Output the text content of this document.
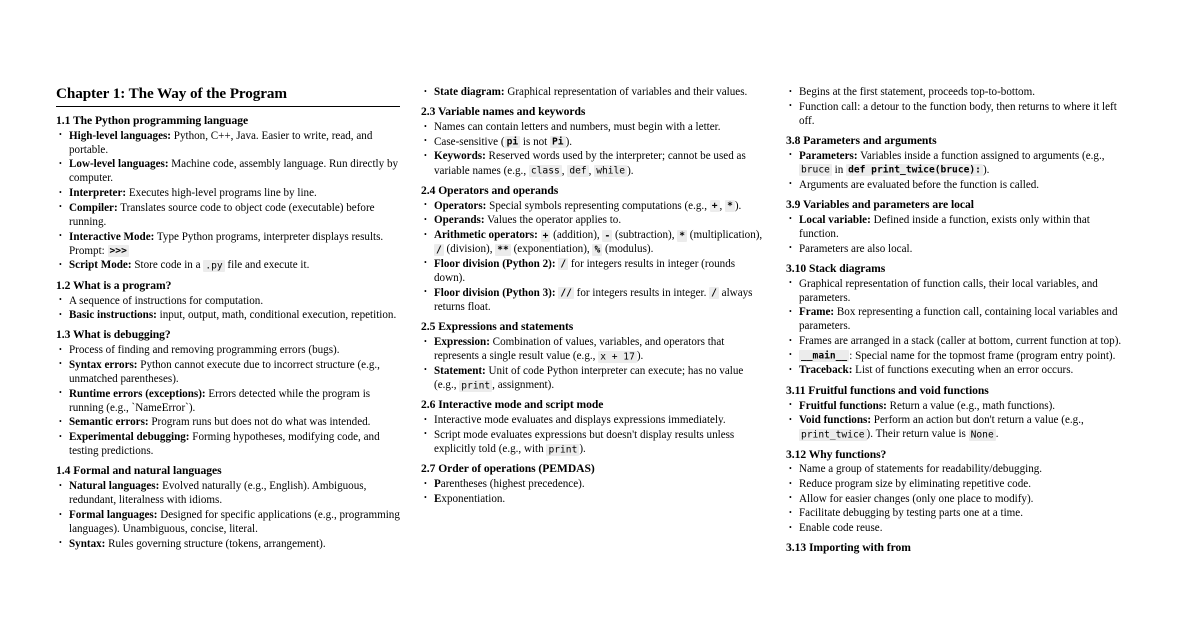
Chapter 1: The Way of the Program
1.1 The Python programming language
• High-level languages: Python, C++, Java. Easier to write, read, and portable.
• Low-level languages: Machine code, assembly language. Run directly by computer.
• Interpreter: Executes high-level programs line by line.
• Compiler: Translates source code to object code (executable) before running.
• Interactive Mode: Type Python programs, interpreter displays results. Prompt: >>>
• Script Mode: Store code in a .py file and execute it.
1.2 What is a program?
• A sequence of instructions for computation.
• Basic instructions: input, output, math, conditional execution, repetition.
1.3 What is debugging?
• Process of finding and removing programming errors (bugs).
• Syntax errors: Python cannot execute due to incorrect structure (e.g., unmatched parentheses).
• Runtime errors (exceptions): Errors detected while the program is running (e.g., `NameError`).
• Semantic errors: Program runs but does not do what was intended.
• Experimental debugging: Forming hypotheses, modifying code, and testing predictions.
1.4 Formal and natural languages
• Natural languages: Evolved naturally (e.g., English). Ambiguous, redundant, literalness with idioms.
• Formal languages: Designed for specific applications (e.g., programming languages). Unambiguous, concise, literal.
• Syntax: Rules governing structure (tokens, arrangement).
• State diagram: Graphical representation of variables and their values.
2.3 Variable names and keywords
• Names can contain letters and numbers, must begin with a letter.
• Case-sensitive ( pi is not Pi ).
• Keywords: Reserved words used by the interpreter; cannot be used as variable names (e.g., class , def , while ).
2.4 Operators and operands
• Operators: Special symbols representing computations (e.g., + , * ).
• Operands: Values the operator applies to.
• Arithmetic operators: + (addition), - (subtraction), * (multiplication), / (division), ** (exponentiation), % (modulus).
• Floor division (Python 2): / for integers results in integer (rounds down).
• Floor division (Python 3): // for integers results in integer. / always returns float.
2.5 Expressions and statements
• Expression: Combination of values, variables, and operators that represents a single result value (e.g., x + 17 ).
• Statement: Unit of code Python interpreter can execute; has no value (e.g., print , assignment).
2.6 Interactive mode and script mode
• Interactive mode evaluates and displays expressions immediately.
• Script mode evaluates expressions but doesn't display results unless explicitly told (e.g., with print ).
2.7 Order of operations (PEMDAS)
• Parentheses (highest precedence).
• Exponentiation.
• Begins at the first statement, proceeds top-to-bottom.
• Function call: a detour to the function body, then returns to where it left off.
3.8 Parameters and arguments
• Parameters: Variables inside a function assigned to arguments (e.g., bruce in def print_twice(bruce): ).
• Arguments are evaluated before the function is called.
3.9 Variables and parameters are local
• Local variable: Defined inside a function, exists only within that function.
• Parameters are also local.
3.10 Stack diagrams
• Graphical representation of function calls, their local variables, and parameters.
• Frame: Box representing a function call, containing local variables and parameters.
• Frames are arranged in a stack (caller at bottom, current function at top).
• __main__ : Special name for the topmost frame (program entry point).
• Traceback: List of functions executing when an error occurs.
3.11 Fruitful functions and void functions
• Fruitful functions: Return a value (e.g., math functions).
• Void functions: Perform an action but don't return a value (e.g., print_twice ). Their return value is None .
3.12 Why functions?
• Name a group of statements for readability/debugging.
• Reduce program size by eliminating repetitive code.
• Allow for easier changes (only one place to modify).
• Facilitate debugging by testing parts one at a time.
• Enable code reuse.
3.13 Importing with from
